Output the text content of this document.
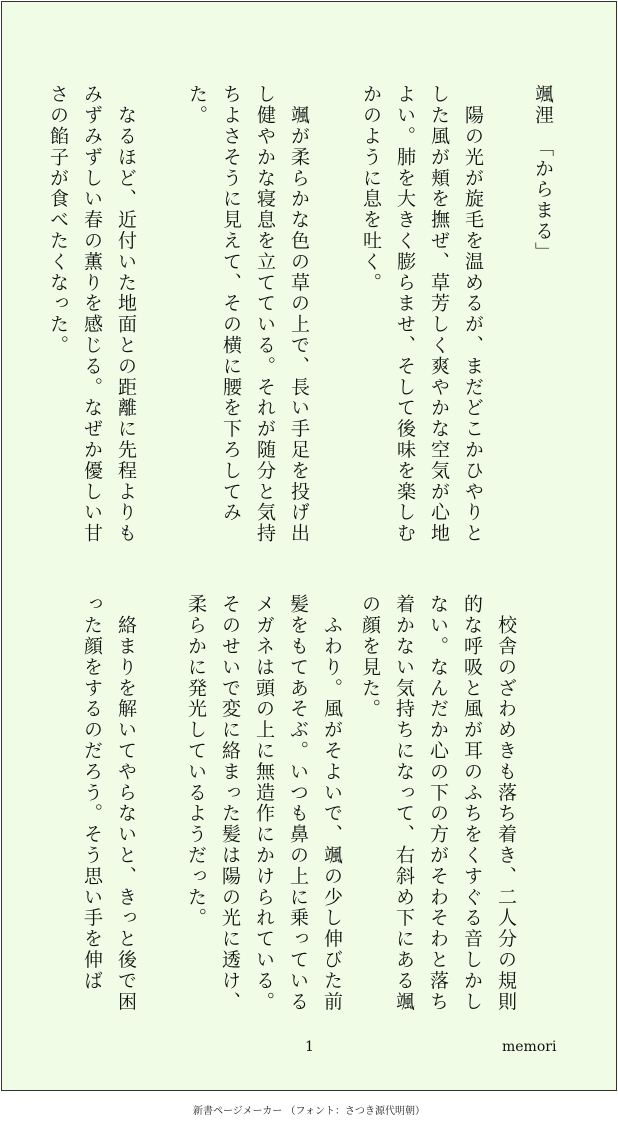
颯浬　「からまる」
　陽の光が旋毛を温めるが、まだどこかひやりとした風が頬を撫ぜ、草芳しく爽やかな空気が心地よい。肺を大きく膨らませ、そして後味を楽しむかのように息を吐く。
　颯が柔らかな色の草の上で、長い手足を投げ出し健やかな寝息を立てている。それが随分と気持ちよさそうに見えて、その横に腰を下ろしてみた。
　なるほど、近付いた地面との距離に先程よりもみずみずしい春の薫りを感じる。なぜか優しい甘さの餡子が食べたくなった。
　校舎のざわめきも落ち着き、二人分の規則的な呼吸と風が耳のふちをくすぐる音しかしない。なんだか心の下の方がそわそわと落ち着かない気持ちになって、右斜め下にある颯の顔を見た。
　ふわり。風がそよいで、颯の少し伸びた前髪をもてあそぶ。いつも鼻の上に乗っているメガネは頭の上に無造作にかけられている。そのせいで変に絡まった髪は陽の光に透け、柔らかに発光しているようだった。
　絡まりを解いてやらないと、きっと後で困った顔をするのだろう。そう思い手を伸ば
1	memori
新書ページメーカー （フォント：さつき源代明朝）
